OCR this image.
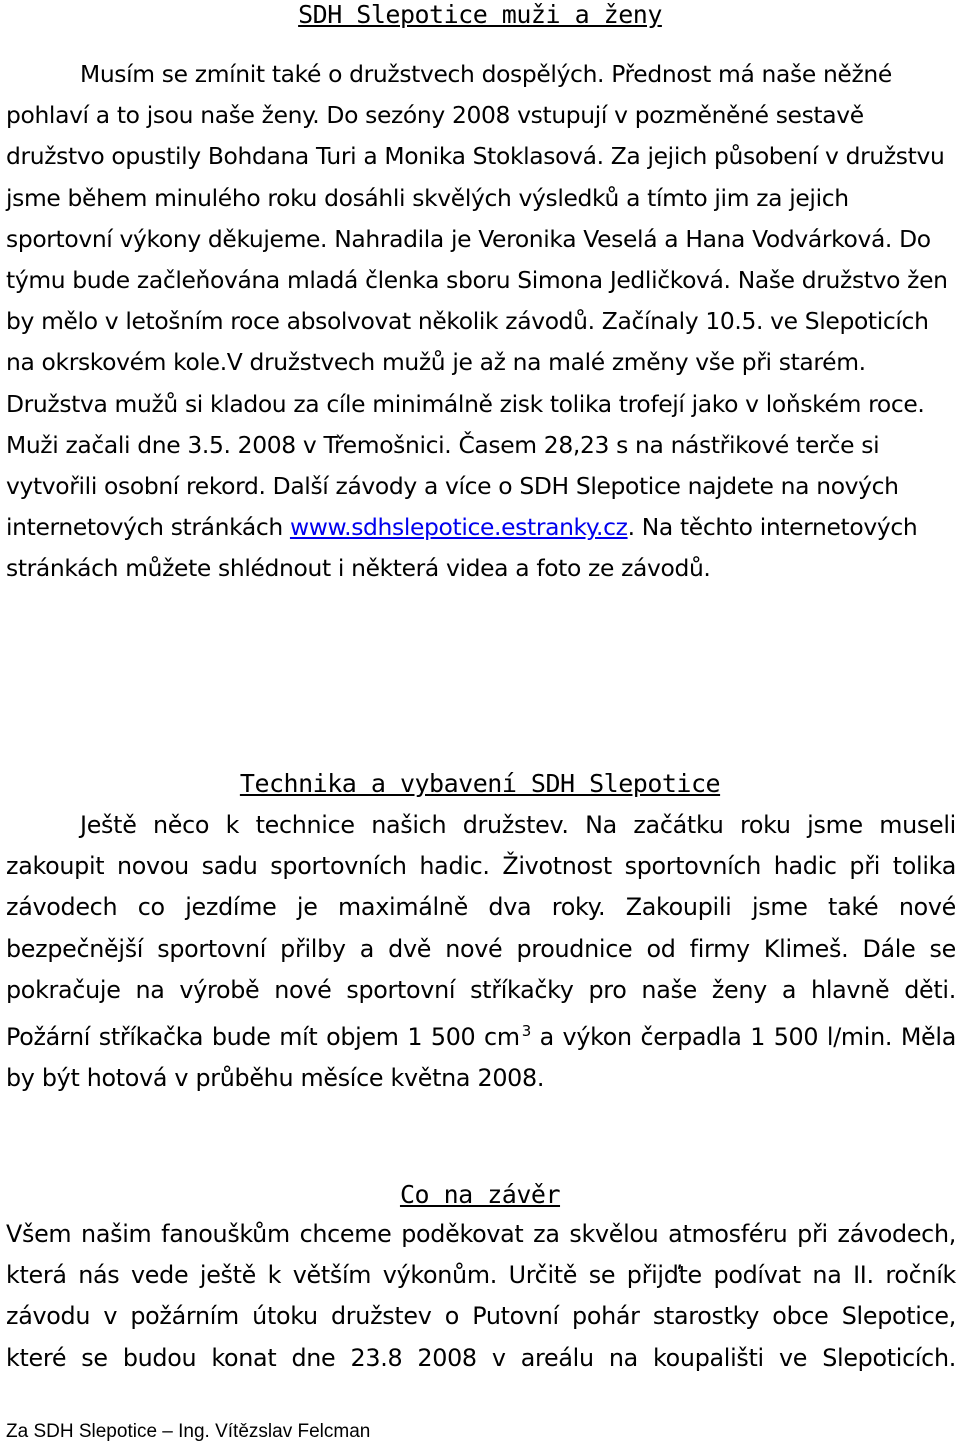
SDH Slepotice muži a ženy

Musím se zmínit také o družstvech dospělých. Přednost má naše něžné pohlaví a to jsou naše ženy. Do sezóny 2008 vstupují v pozměněné sestavě družstvo opustily Bohdana Turi a Monika Stoklasová. Za jejich působení v družstvu jsme během minulého roku dosáhli skvělých výsledků a tímto jim za jejich sportovní výkony děkujeme. Nahradila je Veronika Veselá a Hana Vodvárková. Do týmu bude začleňována mladá členka sboru Simona Jedličková. Naše družstvo žen by mělo v letošním roce absolvovat několik závodů. Začínaly 10.5. ve Slepoticích na okrskovém kole.V družstvech mužů je až na malé změny vše při starém. Družstva mužů si kladou za cíle minimálně zisk tolika trofejí jako v loňském roce. Muži začali dne 3.5. 2008 v Třemošnici. Časem 28,23 s na nástřikové terče si vytvořili osobní rekord. Další závody a více o SDH Slepotice najdete na nových internetových stránkách www.sdhslepotice.estranky.cz. Na těchto internetových stránkách můžete shlédnout i některá videa a foto ze závodů.

Technika a vybavení SDH Slepotice

Ještě něco k technice našich družstev. Na začátku roku jsme museli zakoupit novou sadu sportovních hadic. Životnost sportovních hadic při tolika závodech co jezdíme je maximálně dva roky. Zakoupili jsme také nové bezpečnější sportovní přilby a dvě nové proudnice od firmy Klimeš. Dále se pokračuje na výrobě nové sportovní stříkačky pro naše ženy a hlavně děti. Požární stříkačka bude mít objem 1 500 cm $^3$ a výkon čerpadla 1 500 l/min. Měla by být hotová v průběhu měsíce května 2008.

Co na závěr

Všem našim fanouškům chceme poděkovat za skvělou atmosféru při závodech, která nás vede ještě k větším výkonům. Určitě se přijďte podívat na II. ročník závodu v požárním útoku družstev o Putovní pohár starostky obce Slepotice, které se budou konat dne 23.8 2008 v areálu na koupališti ve Slepoticích.

Za SDH Slepotice – Ing. Vítězslav Felcman
